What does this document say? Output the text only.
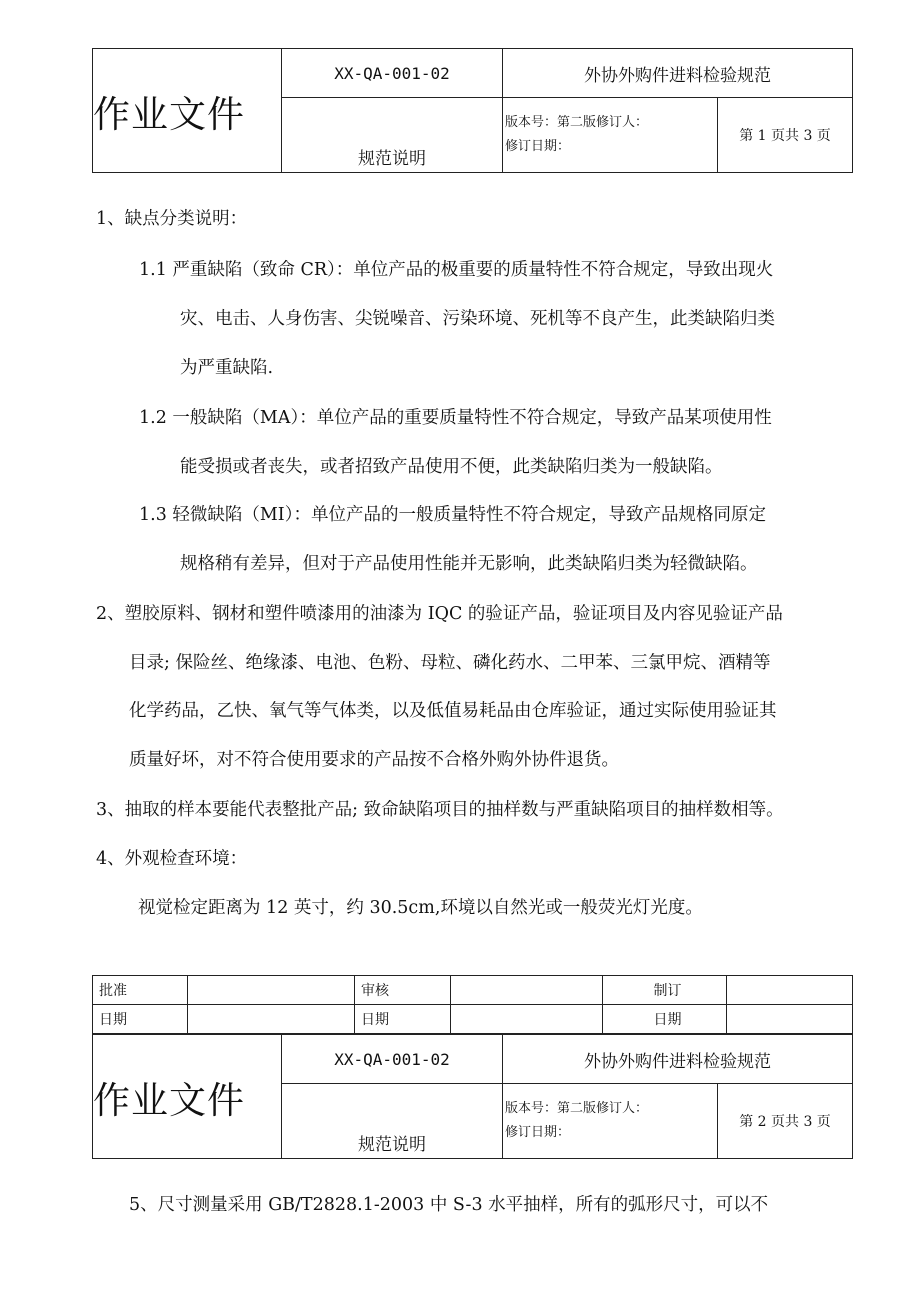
作业文件	XX-QA-001-02	外协外购件进料检验规范	
	规范说明	版本号：第二版修订人：
修订日期：	第 1 页共 3 页
1、缺点分类说明：
1.1 严重缺陷（致命 CR）：单位产品的极重要的质量特性不符合规定，导致出现火
灾、电击、人身伤害、尖锐噪音、污染环境、死机等不良产生，此类缺陷归类
为严重缺陷.
1.2 一般缺陷（MA）：单位产品的重要质量特性不符合规定，导致产品某项使用性
能受损或者丧失，或者招致产品使用不便，此类缺陷归类为一般缺陷。
1.3 轻微缺陷（MI）：单位产品的一般质量特性不符合规定，导致产品规格同原定
规格稍有差异，但对于产品使用性能并无影响，此类缺陷归类为轻微缺陷。
2、塑胶原料、钢材和塑件喷漆用的油漆为 IQC 的验证产品，验证项目及内容见验证产品
目录; 保险丝、绝缘漆、电池、色粉、母粒、磷化药水、二甲苯、三氯甲烷、酒精等
化学药品，乙快、氧气等气体类，以及低值易耗品由仓库验证，通过实际使用验证其
质量好坏，对不符合使用要求的产品按不合格外购外协件退货。
3、抽取的样本要能代表整批产品; 致命缺陷项目的抽样数与严重缺陷项目的抽样数相等。
4、外观检查环境：
视觉检定距离为 12 英寸，约 30.5cm,环境以自然光或一般荧光灯光度。
批准		审核		制订	
日期		日期		日期	
作业文件	XX-QA-001-02	外协外购件进料检验规范	
	规范说明	版本号：第二版修订人：
修订日期：	第 2 页共 3 页
5、尺寸测量采用 GB/T2828.1-2003 中 S-3 水平抽样，所有的弧形尺寸，可以不
